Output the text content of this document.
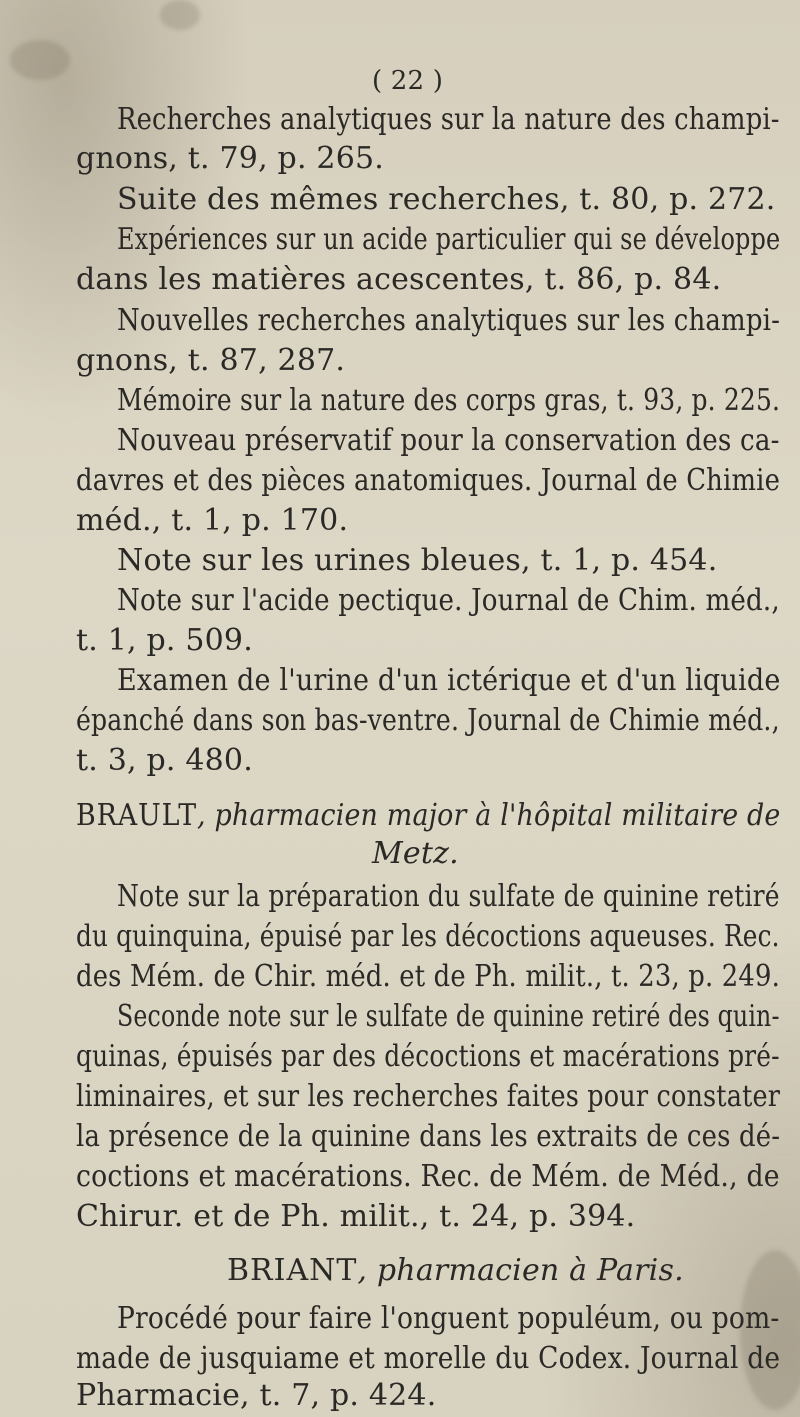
( 22 )
Recherches analytiques sur la nature des champi-
gnons, t. 79, p. 265.
Suite des mêmes recherches, t. 80, p. 272.
Expériences sur un acide particulier qui se développe
dans les matières acescentes, t. 86, p. 84.
Nouvelles recherches analytiques sur les champi-
gnons, t. 87, 287.
Mémoire sur la nature des corps gras, t. 93, p. 225.
Nouveau préservatif pour la conservation des ca-
davres et des pièces anatomiques. Journal de Chimie
méd., t. 1, p. 170.
Note sur les urines bleues, t. 1, p. 454.
Note sur l'acide pectique. Journal de Chim. méd.,
t. 1, p. 509.
Examen de l'urine d'un ictérique et d'un liquide
épanché dans son bas-ventre. Journal de Chimie méd.,
t. 3, p. 480.
BRAULT, pharmacien major à l'hôpital militaire de
Metz.
Note sur la préparation du sulfate de quinine retiré
du quinquina, épuisé par les décoctions aqueuses. Rec.
des Mém. de Chir. méd. et de Ph. milit., t. 23, p. 249.
Seconde note sur le sulfate de quinine retiré des quin-
quinas, épuisés par des décoctions et macérations pré-
liminaires, et sur les recherches faites pour constater
la présence de la quinine dans les extraits de ces dé-
coctions et macérations. Rec. de Mém. de Méd., de
Chirur. et de Ph. milit., t. 24, p. 394.
BRIANT, pharmacien à Paris.
Procédé pour faire l'onguent populéum, ou pom-
made de jusquiame et morelle du Codex. Journal de
Pharmacie, t. 7, p. 424.
